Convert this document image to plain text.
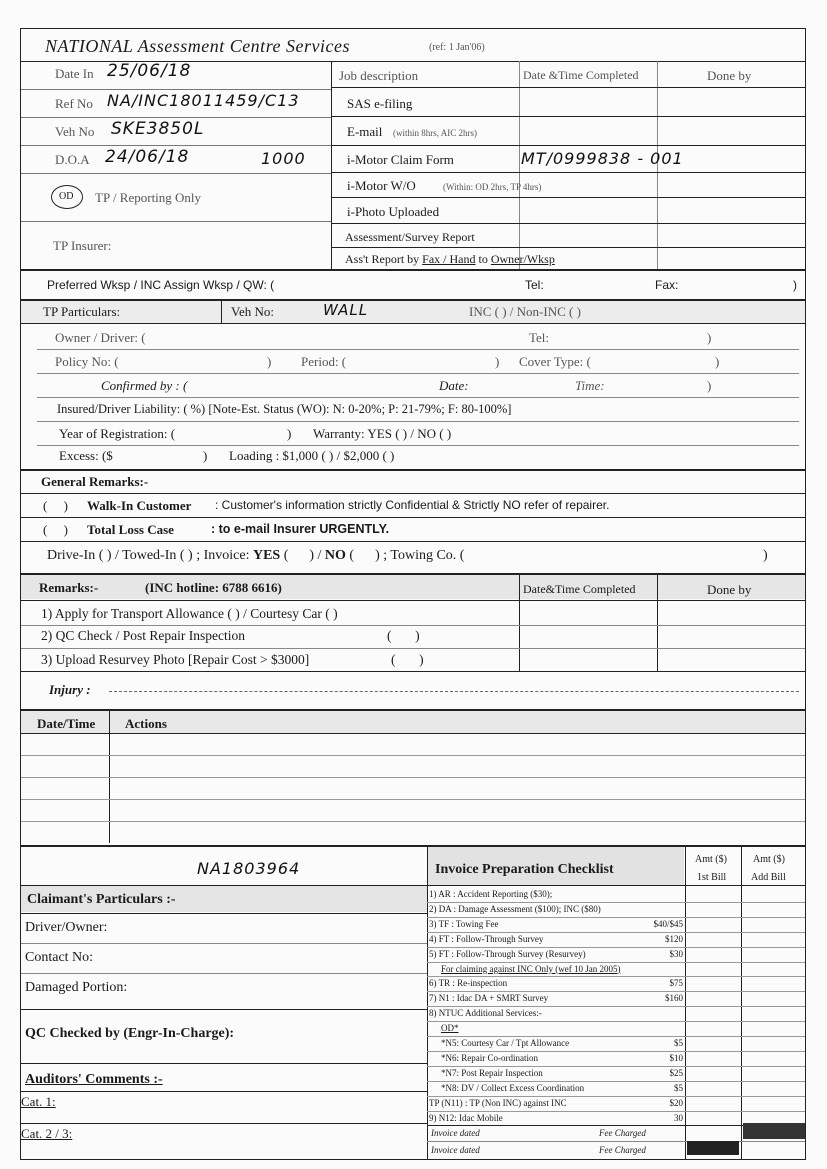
NATIONAL Assessment Centre Services	(ref: 1 Jan'06)
Date In 25/06/18
Ref No NA/INC18011459/C13
Veh No SKE3850L
D.O.A 24/06/18	1000
OD TP / Reporting Only
TP Insurer:
Job description	Date &Time Completed	Done by
SAS e-filing
E-mail (within 8hrs, AIC 2hrs)
i-Motor Claim Form	MT/0999838 - 001
i-Motor W/O	(Within: OD 2hrs, TP 4hrs)
i-Photo Uploaded
Assessment/Survey Report
Ass't Report by Fax / Hand to Owner/Wksp
Preferred Wksp / INC Assign Wksp / QW: (	Tel:	Fax:	)
TP Particulars:	Veh No:	WALL	INC ( ) / Non-INC ( )
Owner / Driver: (	Tel:	)
Policy No: (	) Period: (	) Cover Type: (	)
Confirmed by : (	Date:	Time:	)
Insured/Driver Liability: ( %) [Note-Est. Status (WO): N: 0-20%; P: 21-79%; F: 80-100%]
Year of Registration: (	) Warranty: YES ( ) / NO ( )
Excess: ($	) Loading : $1,000 ( ) / $2,000 ( )
General Remarks:-
(     ) Walk-In Customer : Customer's information strictly Confidential & Strictly NO refer of repairer.
(     ) Total Loss Case	: to e-mail Insurer URGENTLY.
Drive-In ( ) / Towed-In ( ) ; Invoice: YES (      ) / NO (      ) ; Towing Co. (	)
Remarks:-	(INC hotline: 6788 6616)	Date&Time Completed	Done by
1) Apply for Transport Allowance ( ) / Courtesy Car ( )
2) QC Check / Post Repair Inspection	(       )
3) Upload Resurvey Photo [Repair Cost > $3000]	(       )
Injury :
Date/Time Actions
NA1803964
Claimant's Particulars :-
Driver/Owner:
Contact No:
Damaged Portion:
QC Checked by (Engr-In-Charge):
Auditors' Comments :-
Cat. 1:
Cat. 2 / 3:
Invoice Preparation Checklist
Amt ($)
1st Bill
Amt ($)
Add Bill
1) AR : Accident Reporting ($30);
2) DA : Damage Assessment ($100); INC ($80)
3) TF : Towing Fee	$40/$45
4) FT : Follow-Through Survey	$120
5) FT : Follow-Through Survey (Resurvey)	$30
For claiming against INC Only (wef 10 Jan 2005)
6) TR : Re-inspection	$75
7) N1 : Idac DA + SMRT Survey	$160
8) NTUC Additional Services:-
OD*
*N5: Courtesy Car / Tpt Allowance	$5
*N6: Repair Co-ordination	$10
*N7: Post Repair Inspection	$25
*N8: DV / Collect Excess Coordination	$5
TP (N11) : TP (Non INC) against INC	$20
9) N12: Idac Mobile	30
Invoice dated	Fee Charged
Invoice dated	Fee Charged
